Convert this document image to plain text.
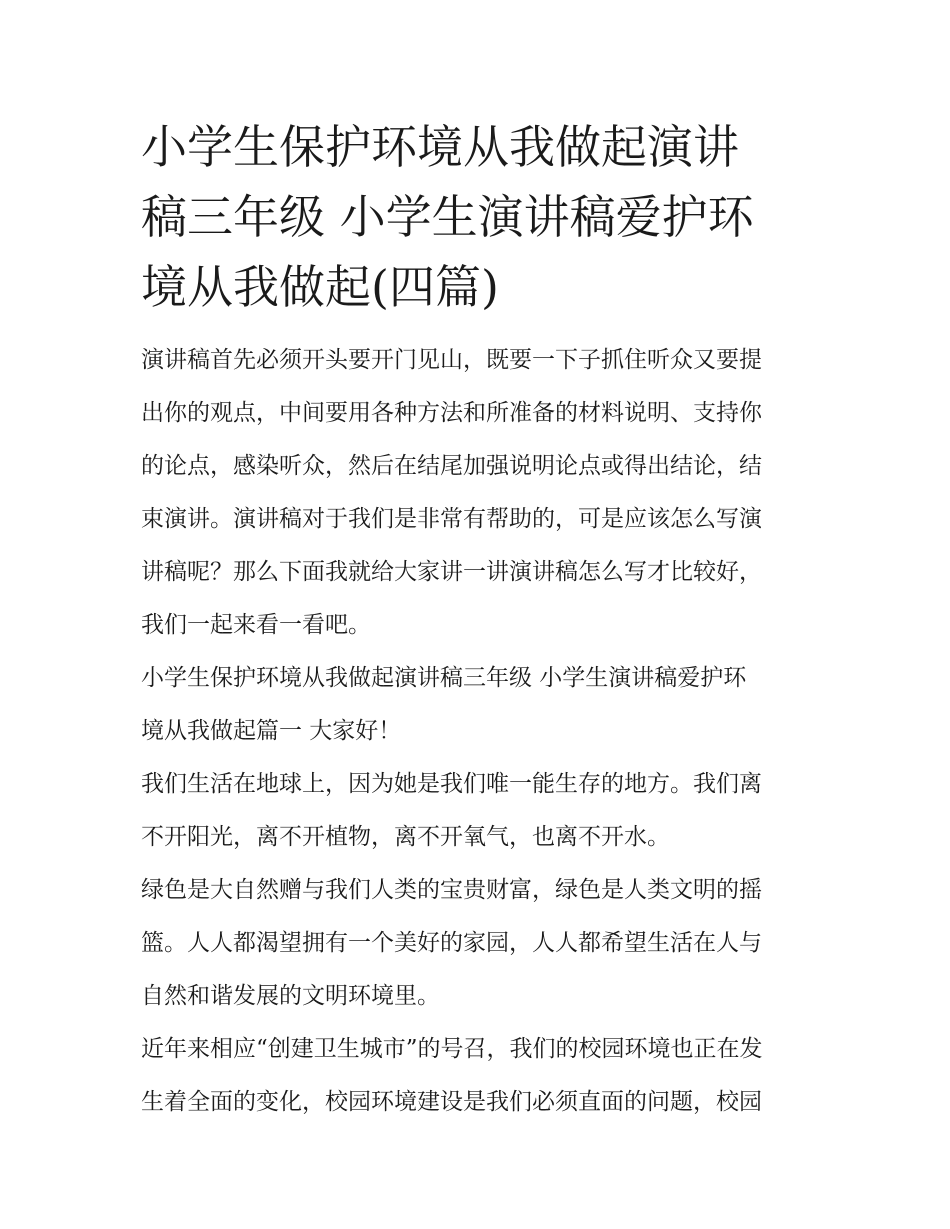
小学生保护环境从我做起演讲
稿三年级 小学生演讲稿爱护环
境从我做起(四篇)

演讲稿首先必须开头要开门见山，既要一下子抓住听众又要提
出你的观点，中间要用各种方法和所准备的材料说明、支持你
的论点，感染听众，然后在结尾加强说明论点或得出结论，结
束演讲。演讲稿对于我们是非常有帮助的，可是应该怎么写演
讲稿呢？那么下面我就给大家讲一讲演讲稿怎么写才比较好，
我们一起来看一看吧。

小学生保护环境从我做起演讲稿三年级 小学生演讲稿爱护环
境从我做起篇一 大家好！

我们生活在地球上，因为她是我们唯一能生存的地方。我们离
不开阳光，离不开植物，离不开氧气，也离不开水。

绿色是大自然赠与我们人类的宝贵财富，绿色是人类文明的摇
篮。人人都渴望拥有一个美好的家园，人人都希望生活在人与
自然和谐发展的文明环境里。

近年来相应“创建卫生城市”的号召，我们的校园环境也正在发
生着全面的变化，校园环境建设是我们必须直面的问题，校园
